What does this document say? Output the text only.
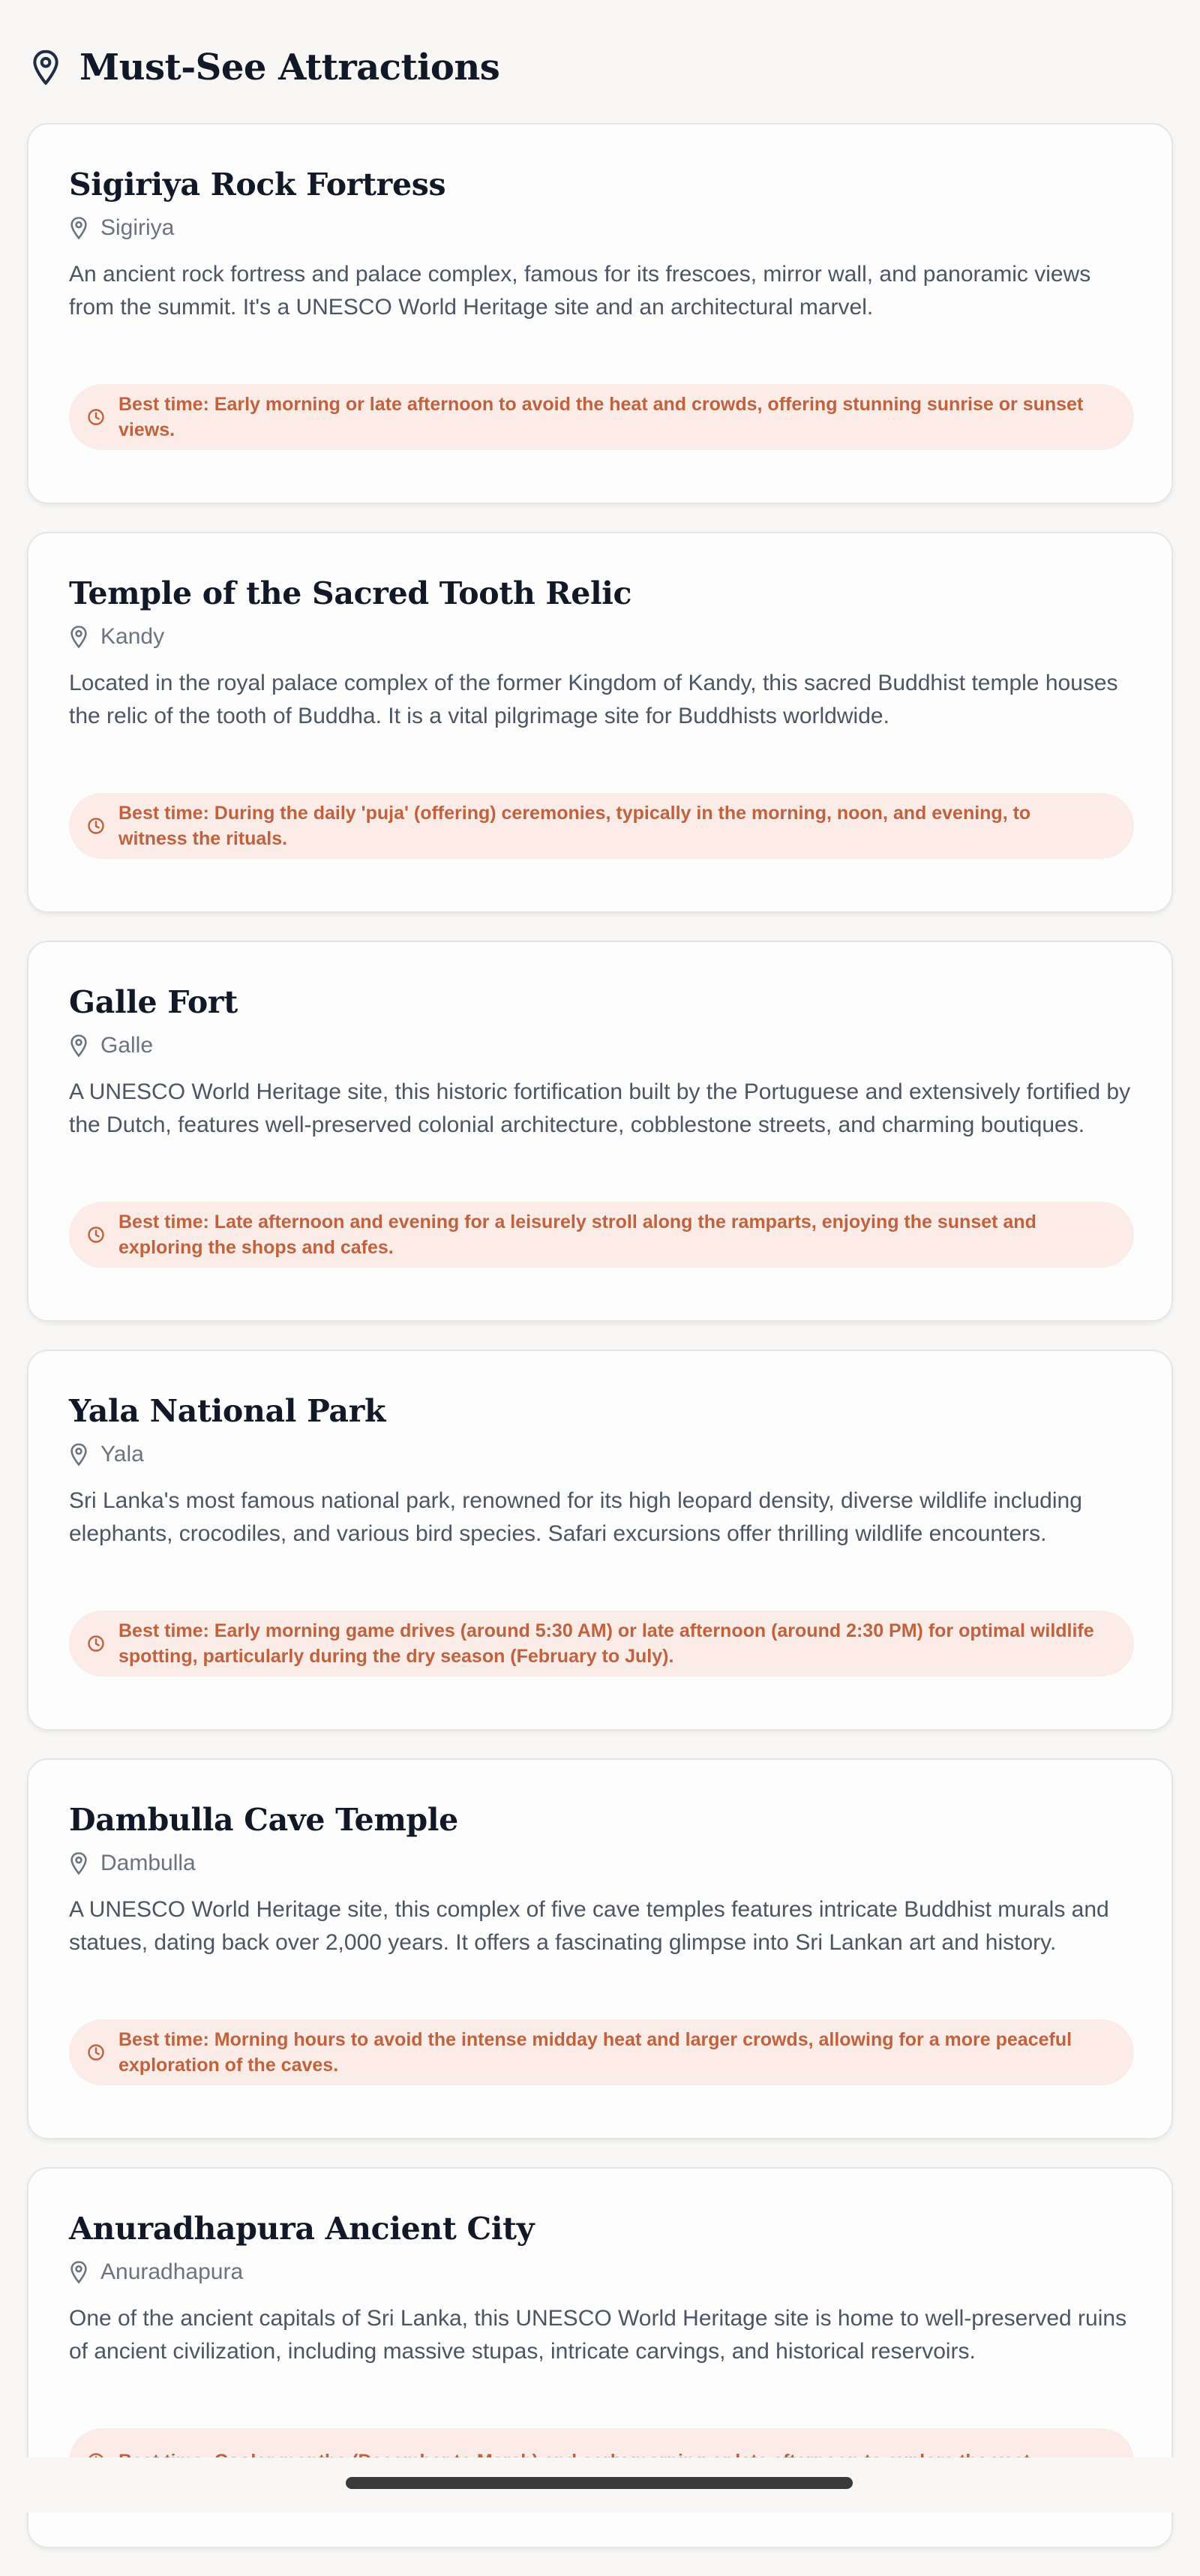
Must-See Attractions
Sigiriya Rock Fortress
Sigiriya
An ancient rock fortress and palace complex, famous for its frescoes, mirror wall, and panoramic views from the summit. It's a UNESCO World Heritage site and an architectural marvel.
Best time: Early morning or late afternoon to avoid the heat and crowds, offering stunning sunrise or sunset views.
Temple of the Sacred Tooth Relic
Kandy
Located in the royal palace complex of the former Kingdom of Kandy, this sacred Buddhist temple houses the relic of the tooth of Buddha. It is a vital pilgrimage site for Buddhists worldwide.
Best time: During the daily 'puja' (offering) ceremonies, typically in the morning, noon, and evening, to witness the rituals.
Galle Fort
Galle
A UNESCO World Heritage site, this historic fortification built by the Portuguese and extensively fortified by the Dutch, features well-preserved colonial architecture, cobblestone streets, and charming boutiques.
Best time: Late afternoon and evening for a leisurely stroll along the ramparts, enjoying the sunset and exploring the shops and cafes.
Yala National Park
Yala
Sri Lanka's most famous national park, renowned for its high leopard density, diverse wildlife including elephants, crocodiles, and various bird species. Safari excursions offer thrilling wildlife encounters.
Best time: Early morning game drives (around 5:30 AM) or late afternoon (around 2:30 PM) for optimal wildlife spotting, particularly during the dry season (February to July).
Dambulla Cave Temple
Dambulla
A UNESCO World Heritage site, this complex of five cave temples features intricate Buddhist murals and statues, dating back over 2,000 years. It offers a fascinating glimpse into Sri Lankan art and history.
Best time: Morning hours to avoid the intense midday heat and larger crowds, allowing for a more peaceful exploration of the caves.
Anuradhapura Ancient City
Anuradhapura
One of the ancient capitals of Sri Lanka, this UNESCO World Heritage site is home to well-preserved ruins of ancient civilization, including massive stupas, intricate carvings, and historical reservoirs.
